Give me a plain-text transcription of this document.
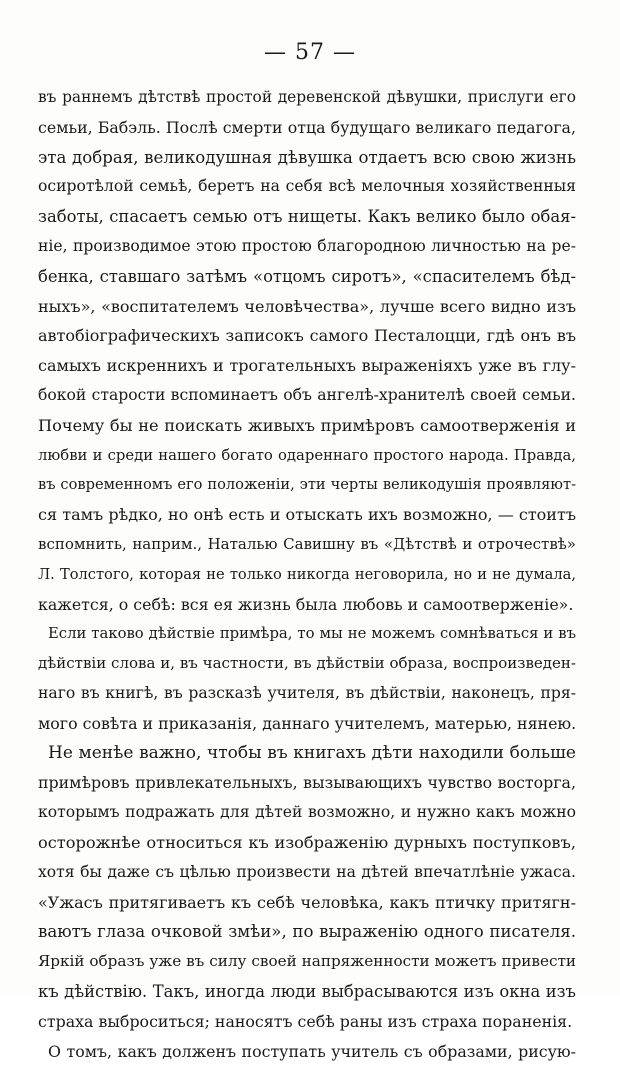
— 57 —
въ раннемъ дѣтствѣ простой деревенской дѣвушки, прислуги его
семьи, Бабэль. Послѣ смерти отца будущаго великаго педагога,
эта добрая, великодушная дѣвушка отдаетъ всю свою жизнь
осиротѣлой семьѣ, беретъ на себя всѣ мелочныя хозяйственныя
заботы, спасаетъ семью отъ нищеты. Какъ велико было обая-
ніе, производимое этою простою благородною личностью на ре-
бенка, ставшаго затѣмъ «отцомъ сиротъ», «спасителемъ бѣд-
ныхъ», «воспитателемъ человѣчества», лучше всего видно изъ
автобіографическихъ записокъ самого Песталоцци, гдѣ онъ въ
самыхъ искреннихъ и трогательныхъ выраженіяхъ уже въ глу-
бокой старости вспоминаетъ объ ангелѣ-хранителѣ своей семьи.
Почему бы не поискать живыхъ примѣровъ самоотверженія и
любви и среди нашего богато одареннаго простого народа. Правда,
въ современномъ его положеніи, эти черты великодушія проявляют-
ся тамъ рѣдко, но онѣ есть и отыскать ихъ возможно, — стоитъ
вспомнить, наприм., Наталью Савишну въ «Дѣтствѣ и отрочествѣ»
Л. Толстого, которая не только никогда неговорила, но и не думала,
кажется, о себѣ: вся ея жизнь была любовь и самоотверженіе».
Если таково дѣйствіе примѣра, то мы не можемъ сомнѣваться и въ
дѣйствіи слова и, въ частности, въ дѣйствіи образа, воспроизведен-
наго въ книгѣ, въ разсказѣ учителя, въ дѣйствіи, наконецъ, пря-
мого совѣта и приказанія, даннаго учителемъ, матерью, нянею.
Не менѣе важно, чтобы въ книгахъ дѣти находили больше
примѣровъ привлекательныхъ, вызывающихъ чувство восторга,
которымъ подражать для дѣтей возможно, и нужно какъ можно
осторожнѣе относиться къ изображенію дурныхъ поступковъ,
хотя бы даже съ цѣлью произвести на дѣтей впечатлѣніе ужаса.
«Ужасъ притягиваетъ къ себѣ человѣка, какъ птичку притягн-
ваютъ глаза очковой змѣи», по выраженію одного писателя.
Яркій образъ уже въ силу своей напряженности можетъ привести
къ дѣйствію. Такъ, иногда люди выбрасываются изъ окна изъ
страха выброситься; наносятъ себѣ раны изъ страха пораненія.
О томъ, какъ долженъ поступать учитель съ образами, рисую-
